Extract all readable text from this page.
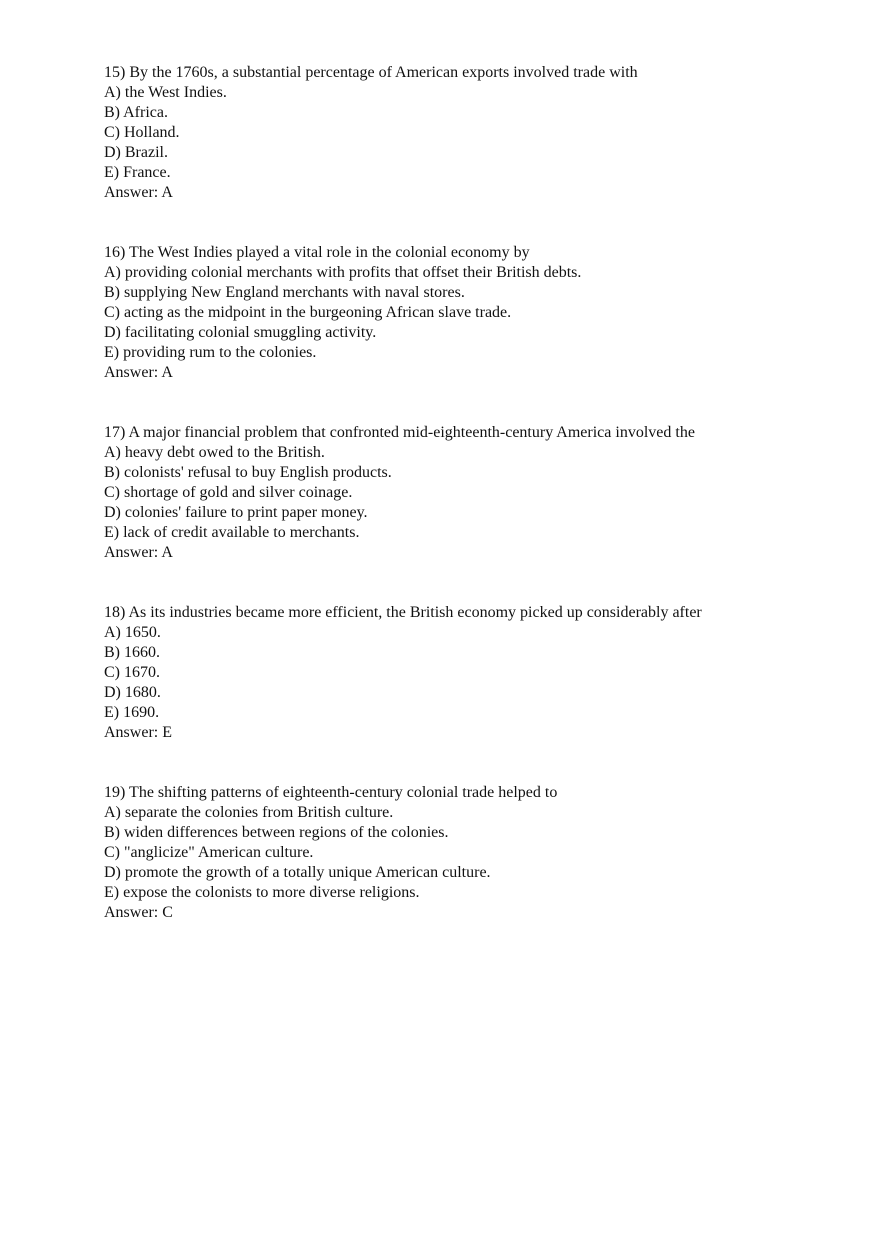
15) By the 1760s, a substantial percentage of American exports involved trade with
A) the West Indies.
B) Africa.
C) Holland.
D) Brazil.
E) France.
Answer: A
16) The West Indies played a vital role in the colonial economy by
A) providing colonial merchants with profits that offset their British debts.
B) supplying New England merchants with naval stores.
C) acting as the midpoint in the burgeoning African slave trade.
D) facilitating colonial smuggling activity.
E) providing rum to the colonies.
Answer: A
17) A major financial problem that confronted mid-eighteenth-century America involved the
A) heavy debt owed to the British.
B) colonists' refusal to buy English products.
C) shortage of gold and silver coinage.
D) colonies' failure to print paper money.
E) lack of credit available to merchants.
Answer: A
18) As its industries became more efficient, the British economy picked up considerably after
A) 1650.
B) 1660.
C) 1670.
D) 1680.
E) 1690.
Answer: E
19) The shifting patterns of eighteenth-century colonial trade helped to
A) separate the colonies from British culture.
B) widen differences between regions of the colonies.
C) "anglicize" American culture.
D) promote the growth of a totally unique American culture.
E) expose the colonists to more diverse religions.
Answer: C
